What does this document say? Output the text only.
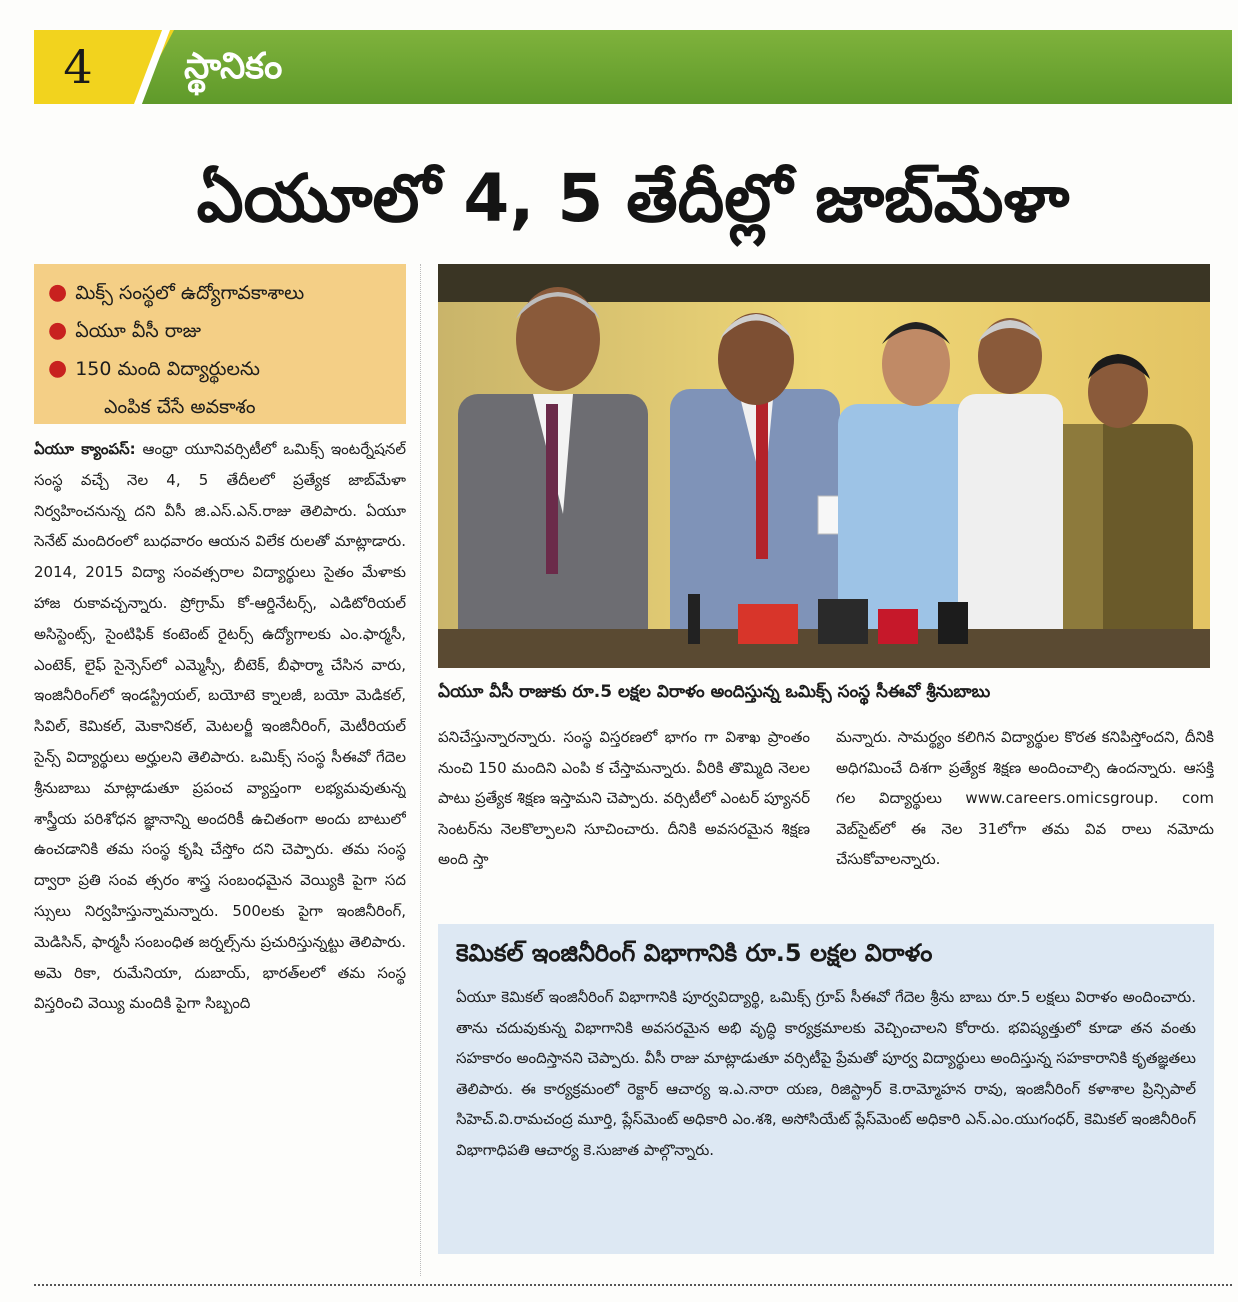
4	స్థానికం
ఏయూలో 4, 5 తేదీల్లో జాబ్‌మేళా
● మిక్స్ సంస్థలో ఉద్యోగావకాశాలు
● ఏయూ వీసీ రాజు
● 150 మంది విద్యార్థులను
ఎంపిక చేసే అవకాశం

ఏయూ క్యాంపస్: ఆంధ్రా యూనివర్సిటీలో ఒమిక్స్ ఇంటర్నేషనల్ సంస్థ వచ్చే నెల 4, 5 తేదీలలో ప్రత్యేక జాబ్‌మేళా నిర్వహించనున్న దని వీసీ జి.ఎస్.ఎన్.రాజు తెలిపారు. ఏయూ సెనేట్ మందిరంలో బుధవారం ఆయన విలేక రులతో మాట్లాడారు. 2014, 2015 విద్యా సంవత్సరాల విద్యార్థులు సైతం మేళాకు హాజ రుకావచ్చన్నారు. ప్రోగ్రామ్ కో-ఆర్డినేటర్స్, ఎడిటోరియల్ అసిస్టెంట్స్, సైంటిఫిక్ కంటెంట్ రైటర్స్ ఉద్యోగాలకు ఎం.ఫార్మసీ, ఎంటెక్, లైఫ్ సైన్సెస్‌లో ఎమ్మెస్సీ, బీటెక్, బీఫార్మా చేసిన వారు, ఇంజినీరింగ్‌లో ఇండస్ట్రియల్, బయోటె క్నాలజీ, బయో మెడికల్, సివిల్, కెమికల్, మెకానికల్, మెటలర్జీ ఇంజినీరింగ్, మెటీరియల్ సైన్స్ విద్యార్థులు అర్హులని తెలిపారు. ఒమిక్స్ సంస్థ సీఈవో గేదెల శ్రీనుబాబు మాట్లాడుతూ ప్రపంచ వ్యాప్తంగా లభ్యమవుతున్న శాస్త్రీయ పరిశోధన జ్ఞానాన్ని అందరికీ ఉచితంగా అందు బాటులో ఉంచడానికి తమ సంస్థ కృషి చేస్తోం దని చెప్పారు. తమ సంస్థ ద్వారా ప్రతి సంవ త్సరం శాస్త్ర సంబంధమైన వెయ్యికి పైగా సద స్సులు నిర్వహిస్తున్నామన్నారు. 500లకు పైగా ఇంజినీరింగ్, మెడిసిన్, ఫార్మసీ సంబంధిత జర్నల్స్‌ను ప్రచురిస్తున్నట్టు తెలిపారు. అమె రికా, రుమేనియా, దుబాయ్, భారత్‌లలో తమ సంస్థ విస్తరించి వెయ్యి మందికి పైగా సిబ్బంది

ఏయూ వీసీ రాజుకు రూ.5 లక్షల విరాళం అందిస్తున్న ఒమిక్స్ సంస్థ సీఈవో శ్రీనుబాబు

పనిచేస్తున్నారన్నారు. సంస్థ విస్తరణలో భాగం గా విశాఖ ప్రాంతం నుంచి 150 మందిని ఎంపి క చేస్తామన్నారు. వీరికి తొమ్మిది నెలల పాటు ప్రత్యేక శిక్షణ ఇస్తామని చెప్పారు. వర్సిటీలో ఎంటర్ ప్యూనర్ సెంటర్‌ను నెలకొల్పాలని సూచించారు. దీనికి అవసరమైన శిక్షణ అంది స్తా

మన్నారు. సామర్థ్యం కలిగిన విద్యార్థుల కొరత కనిపిస్తోందని, దీనికి అధిగమించే దిశగా ప్రత్యేక శిక్షణ అందించాల్సి ఉందన్నారు. ఆసక్తి గల విద్యార్థులు www.careers.omicsgroup. com వెబ్‌సైట్‌లో ఈ నెల 31లోగా తమ వివ రాలు నమోదు చేసుకోవాలన్నారు.

కెమికల్ ఇంజినీరింగ్ విభాగానికి రూ.5 లక్షల విరాళం

ఏయూ కెమికల్ ఇంజినీరింగ్ విభాగానికి పూర్వవిద్యార్థి, ఒమిక్స్ గ్రూప్ సీఈవో గేదెల శ్రీను బాబు రూ.5 లక్షలు విరాళం అందించారు. తాను చదువుకున్న విభాగానికి అవసరమైన అభి వృద్ధి కార్యక్రమాలకు వెచ్చించాలని కోరారు. భవిష్యత్తులో కూడా తన వంతు సహకారం అందిస్తానని చెప్పారు. వీసీ రాజు మాట్లాడుతూ వర్సిటీపై ప్రేమతో పూర్వ విద్యార్థులు అందిస్తున్న సహకారానికి కృతజ్ఞతలు తెలిపారు. ఈ కార్యక్రమంలో రెక్టార్ ఆచార్య ఇ.ఎ.నారా యణ, రిజిస్ట్రార్ కె.రామ్మోహన రావు, ఇంజినీరింగ్ కళాశాల ప్రిన్సిపాల్ సిహెచ్.వి.రామచంద్ర మూర్తి, ప్లేస్‌మెంట్ అధికారి ఎం.శశి, అసోసియేట్ ప్లేస్‌మెంట్ అధికారి ఎన్.ఎం.యుగంధర్, కెమికల్ ఇంజినీరింగ్ విభాగాధిపతి ఆచార్య కె.సుజాత పాల్గొన్నారు.
